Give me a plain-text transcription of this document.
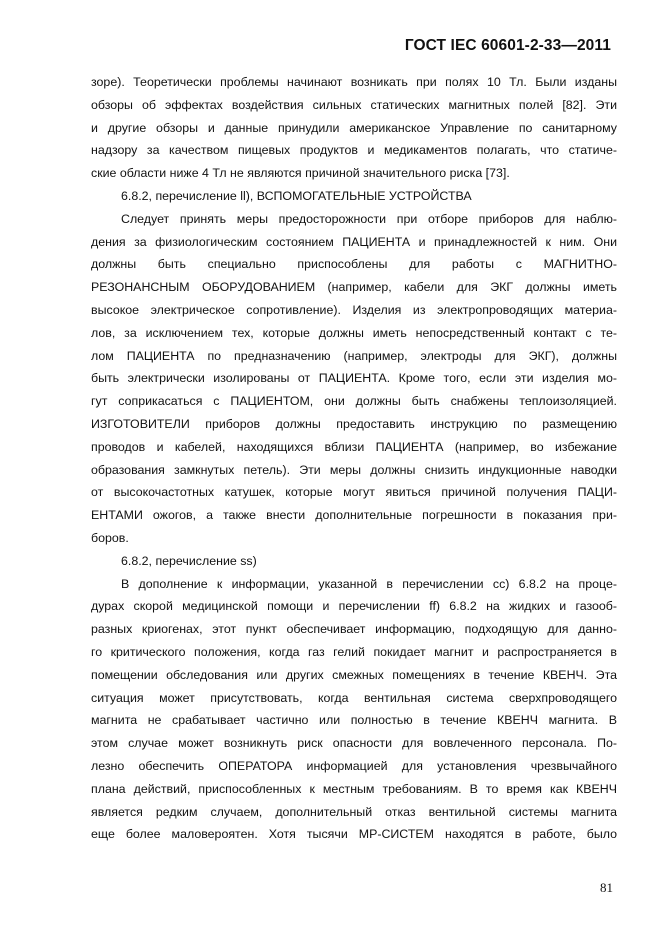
ГОСТ IEC 60601-2-33—2011
зоре). Теоретически проблемы начинают возникать при полях 10 Тл. Были изданы
обзоры об эффектах воздействия сильных статических магнитных полей [82]. Эти
и другие обзоры и данные принудили американское Управление по санитарному
надзору за качеством пищевых продуктов и медикаментов полагать, что статиче-
ские области ниже 4 Тл не являются причиной значительного риска [73].
6.8.2, перечисление ll), ВСПОМОГАТЕЛЬНЫЕ УСТРОЙСТВА
Следует принять меры предосторожности при отборе приборов для наблю-
дения за физиологическим состоянием ПАЦИЕНТА и принадлежностей к ним. Они
должны быть специально приспособлены для работы с МАГНИТНО-
РЕЗОНАНСНЫМ ОБОРУДОВАНИЕМ (например, кабели для ЭКГ должны иметь
высокое электрическое сопротивление). Изделия из электропроводящих материа-
лов, за исключением тех, которые должны иметь непосредственный контакт с те-
лом ПАЦИЕНТА по предназначению (например, электроды для ЭКГ), должны
быть электрически изолированы от ПАЦИЕНТА. Кроме того, если эти изделия мо-
гут соприкасаться с ПАЦИЕНТОМ, они должны быть снабжены теплоизоляцией.
ИЗГОТОВИТЕЛИ приборов должны предоставить инструкцию по размещению
проводов и кабелей, находящихся вблизи ПАЦИЕНТА (например, во избежание
образования замкнутых петель). Эти меры должны снизить индукционные наводки
от высокочастотных катушек, которые могут явиться причиной получения ПАЦИ-
ЕНТАМИ ожогов, а также внести дополнительные погрешности в показания при-
боров.
6.8.2, перечисление ss)
В дополнение к информации, указанной в перечислении cc) 6.8.2 на проце-
дурах скорой медицинской помощи и перечислении ff) 6.8.2 на жидких и газооб-
разных криогенах, этот пункт обеспечивает информацию, подходящую для данно-
го критического положения, когда газ гелий покидает магнит и распространяется в
помещении обследования или других смежных помещениях в течение КВЕНЧ. Эта
ситуация может присутствовать, когда вентильная система сверхпроводящего
магнита не срабатывает частично или полностью в течение КВЕНЧ магнита. В
этом случае может возникнуть риск опасности для вовлеченного персонала. По-
лезно обеспечить ОПЕРАТОРА информацией для установления чрезвычайного
плана действий, приспособленных к местным требованиям. В то время как КВЕНЧ
является редким случаем, дополнительный отказ вентильной системы магнита
еще более маловероятен. Хотя тысячи МР-СИСТЕМ находятся в работе, было
81
